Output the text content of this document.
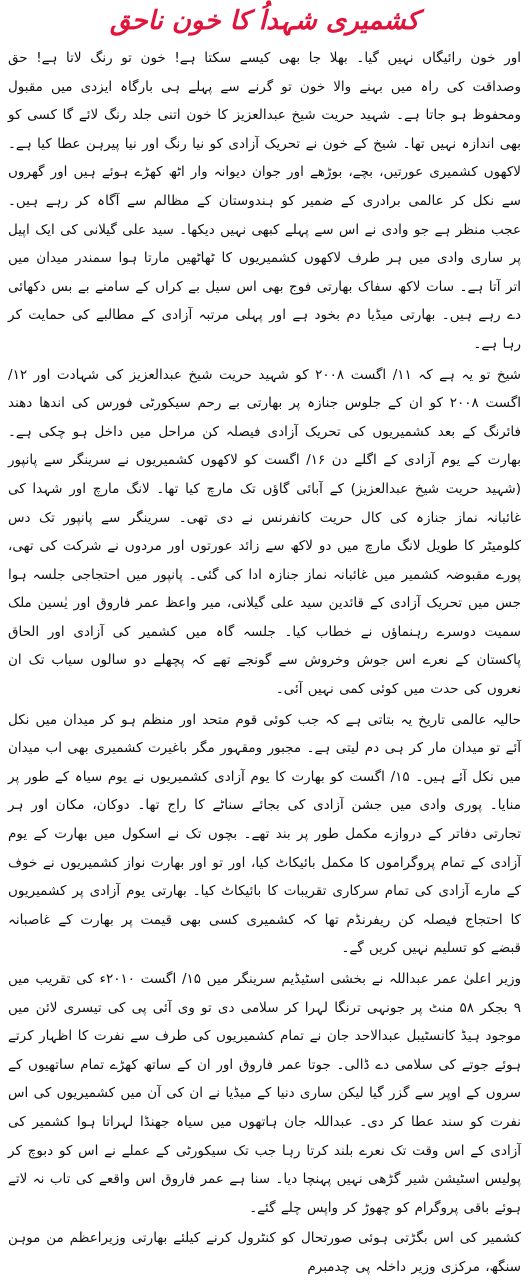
کشمیری شہداُ کا خون ناحق

اور خون رائیگاں نہیں گیا۔ بھلا جا بھی کیسے سکتا ہے! خون تو رنگ لاتا ہے! حق وصداقت کی راہ میں بہنے والا خون تو گرنے سے پہلے ہی بارگاہ ایزدی میں مقبول ومحفوظ ہو جاتا ہے۔ شہید حریت شیخ عبدالعزیز کا خون اتنی جلد رنگ لائے گا کسی کو بھی اندازہ نہیں تھا۔ شیخ کے خون نے تحریک آزادی کو نیا رنگ اور نیا پیرہن عطا کیا ہے۔ لاکھوں کشمیری عورتیں، بچے، بوڑھے اور جوان دیوانہ وار اٹھ کھڑے ہوئے ہیں اور گھروں سے نکل کر عالمی برادری کے ضمیر کو ہندوستان کے مظالم سے آگاہ کر رہے ہیں۔ عجب منظر ہے جو وادی نے اس سے پہلے کبھی نہیں دیکھا۔ سید علی گیلانی کی ایک اپیل پر ساری وادی میں ہر طرف لاکھوں کشمیریوں کا ٹھاٹھیں مارتا ہوا سمندر میدان میں اتر آتا ہے۔ سات لاکھ سفاک بھارتی فوج بھی اس سیل بے کراں کے سامنے بے بس دکھائی دے رہے ہیں۔ بھارتی میڈیا دم بخود ہے اور پہلی مرتبہ آزادی کے مطالبے کی حمایت کر رہا ہے۔

شیخ تو یہ ہے کہ ۱۱/ اگست ۲۰۰۸ کو شہید حریت شیخ عبدالعزیز کی شہادت اور ۱۲/ اگست ۲۰۰۸ کو ان کے جلوس جنازہ پر بھارتی بے رحم سیکورٹی فورس کی اندھا دھند فائرنگ کے بعد کشمیریوں کی تحریک آزادی فیصلہ کن مراحل میں داخل ہو چکی ہے۔ بھارت کے یوم آزادی کے اگلے دن ۱۶/ اگست کو لاکھوں کشمیریوں نے سرینگر سے پانپور (شہید حریت شیخ عبدالعزیز) کے آبائی گاؤں تک مارچ کیا تھا۔ لانگ مارچ اور شہدا کی غائبانہ نماز جنازہ کی کال حریت کانفرنس نے دی تھی۔ سرینگر سے پانپور تک دس کلومیٹر کا طویل لانگ مارچ میں دو لاکھ سے زائد عورتوں اور مردوں نے شرکت کی تھی، پورے مقبوضہ کشمیر میں غائبانہ نماز جنازہ ادا کی گئی۔ پانپور میں احتجاجی جلسہ ہوا جس میں تحریک آزادی کے قائدین سید علی گیلانی، میر واعظ عمر فاروق اور یٰسین ملک سمیت دوسرے رہنماؤں نے خطاب کیا۔ جلسہ گاہ میں کشمیر کی آزادی اور الحاق پاکستان کے نعرے اس جوش وخروش سے گونجے تھے کہ پچھلے دو سالوں سیاب تک ان نعروں کی حدت میں کوئی کمی نہیں آئی۔

حالیہ عالمی تاریخ یہ بتاتی ہے کہ جب کوئی قوم متحد اور منظم ہو کر میدان میں نکل آئے تو میدان مار کر ہی دم لیتی ہے۔ مجبور ومقہور مگر باغیرت کشمیری بھی اب میدان میں نکل آئے ہیں۔ ۱۵/ اگست کو بھارت کا یوم آزادی کشمیریوں نے یوم سیاہ کے طور پر منایا۔ پوری وادی میں جشن آزادی کی بجائے سناٹے کا راج تھا۔ دوکان، مکان اور ہر تجارتی دفاتر کے دروازے مکمل طور پر بند تھے۔ بچوں تک نے اسکول میں بھارت کے یوم آزادی کے تمام پروگراموں کا مکمل بائیکاٹ کیا، اور تو اور بھارت نواز کشمیریوں نے خوف کے مارے آزادی کی تمام سرکاری تقریبات کا بائیکاٹ کیا۔ بھارتی یوم آزادی پر کشمیریوں کا احتجاج فیصلہ کن ریفرنڈم تھا کہ کشمیری کسی بھی قیمت پر بھارت کے غاصبانہ قبضے کو تسلیم نہیں کریں گے۔

وزیر اعلیٰ عمر عبداللہ نے بخشی اسٹیڈیم سرینگر میں ۱۵/ اگست ۲۰۱۰ء کی تقریب میں ۹ بجکر ۵۸ منٹ پر جونہی ترنگا لہرا کر سلامی دی تو وی آئی پی کی تیسری لائن میں موجود ہیڈ کانسٹیبل عبدالاحد جان نے تمام کشمیریوں کی طرف سے نفرت کا اظہار کرتے ہوئے جوتے کی سلامی دے ڈالی۔ جوتا عمر فاروق اور ان کے ساتھ کھڑے تمام ساتھیوں کے سروں کے اوپر سے گزر گیا لیکن ساری دنیا کے میڈیا نے ان کی آن میں کشمیریوں کی اس نفرت کو سند عطا کر دی۔ عبداللہ جان ہاتھوں میں سیاہ جھنڈا لہراتا ہوا کشمیر کی آزادی کے اس وقت تک نعرے بلند کرتا رہا جب تک سیکورٹی کے عملے نے اس کو دبوچ کر پولیس اسٹیشن شیر گڑھی نہیں پہنچا دیا۔ سنا ہے عمر فاروق اس واقعے کی تاب نہ لاتے ہوئے باقی پروگرام کو چھوڑ کر واپس چلے گئے۔

کشمیر کی اس بگڑتی ہوئی صورتحال کو کنٹرول کرنے کیلئے بھارتی وزیراعظم من موہن سنگھ، مرکزی وزیر داخلہ پی چدمبرم
